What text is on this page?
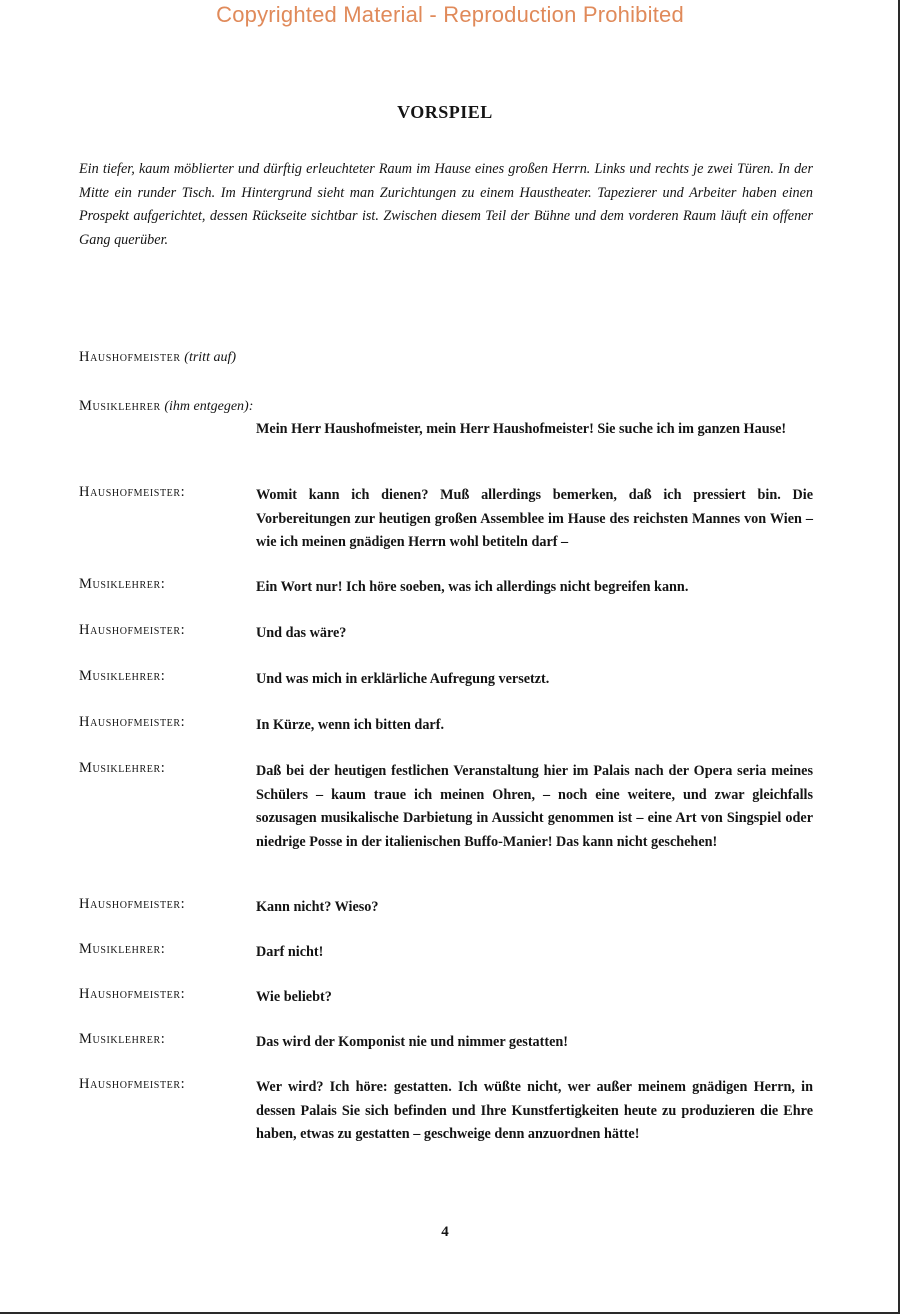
Copyrighted Material - Reproduction Prohibited
VORSPIEL
Ein tiefer, kaum möblierter und dürftig erleuchteter Raum im Hause eines großen Herrn. Links und rechts je zwei Türen. In der Mitte ein runder Tisch. Im Hintergrund sieht man Zurichtungen zu einem Haustheater. Tapezierer und Arbeiter haben einen Prospekt aufgerichtet, dessen Rückseite sichtbar ist. Zwischen diesem Teil der Bühne und dem vorderen Raum läuft ein offener Gang querüber.
Haushofmeister (tritt auf)
Musiklehrer (ihm entgegen):
Mein Herr Haushofmeister, mein Herr Haushofmeister! Sie suche ich im ganzen Hause!
Haushofmeister:	Womit kann ich dienen? Muß allerdings bemerken, daß ich pressiert bin. Die Vorbereitungen zur heutigen großen Assemblee im Hause des reichsten Mannes von Wien – wie ich meinen gnädigen Herrn wohl betiteln darf –
Musiklehrer:	Ein Wort nur! Ich höre soeben, was ich allerdings nicht begreifen kann.
Haushofmeister:	Und das wäre?
Musiklehrer:	Und was mich in erklärliche Aufregung versetzt.
Haushofmeister:	In Kürze, wenn ich bitten darf.
Musiklehrer:	Daß bei der heutigen festlichen Veranstaltung hier im Palais nach der Opera seria meines Schülers – kaum traue ich meinen Ohren, – noch eine weitere, und zwar gleichfalls sozusagen musikalische Darbietung in Aussicht genommen ist – eine Art von Singspiel oder niedrige Posse in der italienischen Buffo-Manier! Das kann nicht geschehen!
Haushofmeister:	Kann nicht? Wieso?
Musiklehrer:	Darf nicht!
Haushofmeister:	Wie beliebt?
Musiklehrer:	Das wird der Komponist nie und nimmer gestatten!
Haushofmeister:	Wer wird? Ich höre: gestatten. Ich wüßte nicht, wer außer meinem gnädigen Herrn, in dessen Palais Sie sich befinden und Ihre Kunstfertigkeiten heute zu produzieren die Ehre haben, etwas zu gestatten – geschweige denn anzuordnen hätte!
4
